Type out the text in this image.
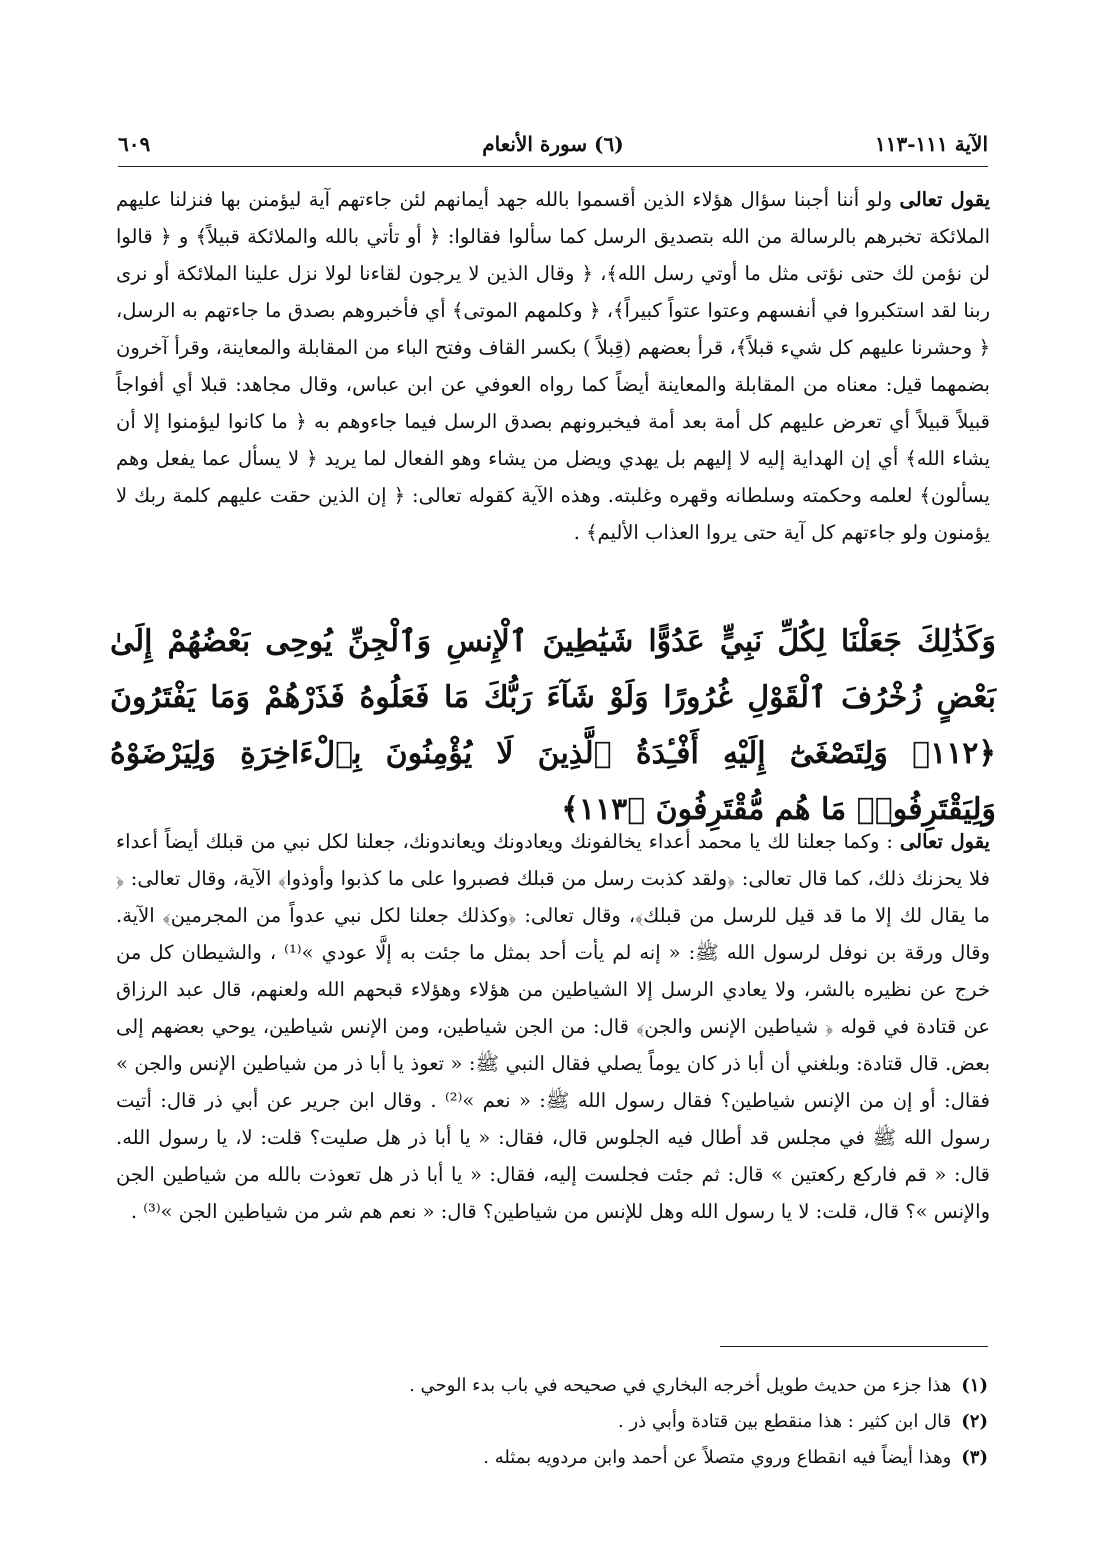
الآية ١١١-١١٣
(٦) سورة الأنعام
٦٠٩
يقول تعالى ولو أننا أجبنا سؤال هؤلاء الذين أقسموا بالله جهد أيمانهم لئن جاءتهم آية ليؤمنن بها فنزلنا عليهم الملائكة تخبرهم بالرسالة من الله بتصديق الرسل كما سألوا فقالوا: ﴿ أو تأتي بالله والملائكة قبيلاً﴾ و ﴿ قالوا لن نؤمن لك حتى نؤتى مثل ما أوتي رسل الله﴾، ﴿ وقال الذين لا يرجون لقاءنا لولا نزل علينا الملائكة أو نرى ربنا لقد استكبروا في أنفسهم وعتوا عتواً كبيراً﴾، ﴿ وكلمهم الموتى﴾ أي فأخبروهم بصدق ما جاءتهم به الرسل، ﴿ وحشرنا عليهم كل شيء قبلاً﴾، قرأ بعضهم (قِبلاً ) بكسر القاف وفتح الباء من المقابلة والمعاينة، وقرأ آخرون بضمهما قيل: معناه من المقابلة والمعاينة أيضاً كما رواه العوفي عن ابن عباس، وقال مجاهد: قبلا أي أفواجاً قبيلاً قبيلاً أي تعرض عليهم كل أمة بعد أمة فيخبرونهم بصدق الرسل فيما جاءوهم به ﴿ ما كانوا ليؤمنوا إلا أن يشاء الله﴾ أي إن الهداية إليه لا إليهم بل يهدي ويضل من يشاء وهو الفعال لما يريد ﴿ لا يسأل عما يفعل وهم يسألون﴾ لعلمه وحكمته وسلطانه وقهره وغلبته. وهذه الآية كقوله تعالى: ﴿ إن الذين حقت عليهم كلمة ربك لا يؤمنون ولو جاءتهم كل آية حتى يروا العذاب الأليم﴾ .
وَكَذَٰلِكَ جَعَلْنَا لِكُلِّ نَبِيٍّ عَدُوًّا شَيَٰطِينَ ٱلْإِنسِ وَٱلْجِنِّ يُوحِى بَعْضُهُمْ إِلَىٰ بَعْضٍ زُخْرُفَ ٱلْقَوْلِ غُرُورًا وَلَوْ شَآءَ رَبُّكَ مَا فَعَلُوهُ فَذَرْهُمْ وَمَا يَفْتَرُونَ ﴿١١٢﴾ وَلِتَصْغَىٰٓ إِلَيْهِ أَفْـِٔدَةُ ٱلَّذِينَ لَا يُؤْمِنُونَ بِٱلْءَاخِرَةِ وَلِيَرْضَوْهُ وَلِيَقْتَرِفُوا۟ مَا هُم مُّقْتَرِفُونَ ﴿١١٣﴾
يقول تعالى : وكما جعلنا لك يا محمد أعداء يخالفونك ويعادونك ويعاندونك، جعلنا لكل نبي من قبلك أيضاً أعداء فلا يحزنك ذلك، كما قال تعالى: ﴿ولقد كذبت رسل من قبلك فصبروا على ما كذبوا وأوذوا﴾ الآية، وقال تعالى: ﴿ ما يقال لك إلا ما قد قيل للرسل من قبلك﴾، وقال تعالى: ﴿وكذلك جعلنا لكل نبي عدواً من المجرمين﴾ الآية. وقال ورقة بن نوفل لرسول الله ﷺ: « إنه لم يأت أحد بمثل ما جئت به إلَّا عودي »⁽¹⁾ ، والشيطان كل من خرج عن نظيره بالشر، ولا يعادي الرسل إلا الشياطين من هؤلاء وهؤلاء قبحهم الله ولعنهم، قال عبد الرزاق عن قتادة في قوله ﴿ شياطين الإنس والجن﴾ قال: من الجن شياطين، ومن الإنس شياطين، يوحي بعضهم إلى بعض. قال قتادة: وبلغني أن أبا ذر كان يوماً يصلي فقال النبي ﷺ: « تعوذ يا أبا ذر من شياطين الإنس والجن » فقال: أو إن من الإنس شياطين؟ فقال رسول الله ﷺ: « نعم »⁽²⁾ . وقال ابن جرير عن أبي ذر قال: أتيت رسول الله ﷺ في مجلس قد أطال فيه الجلوس قال، فقال: « يا أبا ذر هل صليت؟ قلت: لا، يا رسول الله. قال: « قم فاركع ركعتين » قال: ثم جئت فجلست إليه، فقال: « يا أبا ذر هل تعوذت بالله من شياطين الجن والإنس »؟ قال، قلت: لا يا رسول الله وهل للإنس من شياطين؟ قال: « نعم هم شر من شياطين الجن »⁽³⁾ .
(١)هذا جزء من حديث طويل أخرجه البخاري في صحيحه في باب بدء الوحي .
(٢)قال ابن كثير : هذا منقطع بين قتادة وأبي ذر .
(٣)وهذا أيضاً فيه انقطاع وروي متصلاً عن أحمد وابن مردويه بمثله .
